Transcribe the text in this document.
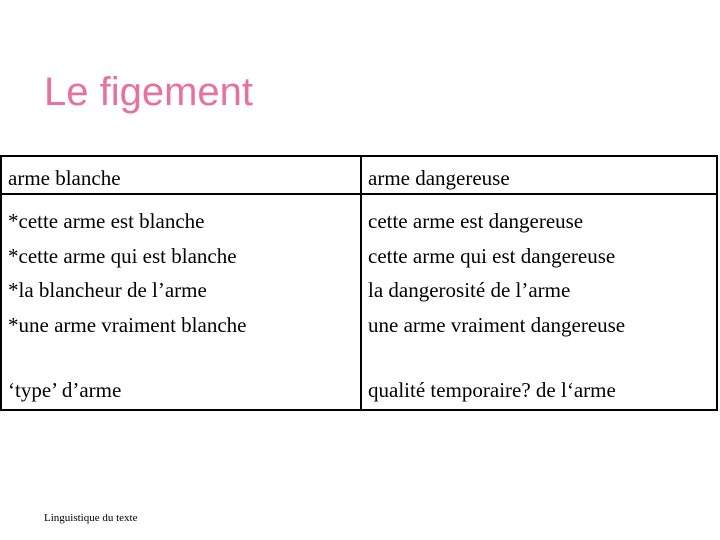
Le figement
arme blanche	arme dangereuse
*cette arme est blanche
*cette arme qui est blanche
*la blancheur de l’arme
*une arme vraiment blanche
cette arme est dangereuse
cette arme qui est dangereuse
la dangerosité de l’arme
une arme vraiment dangereuse
‘type’ d’arme	qualité temporaire? de l‘arme
Linguistique du texte
